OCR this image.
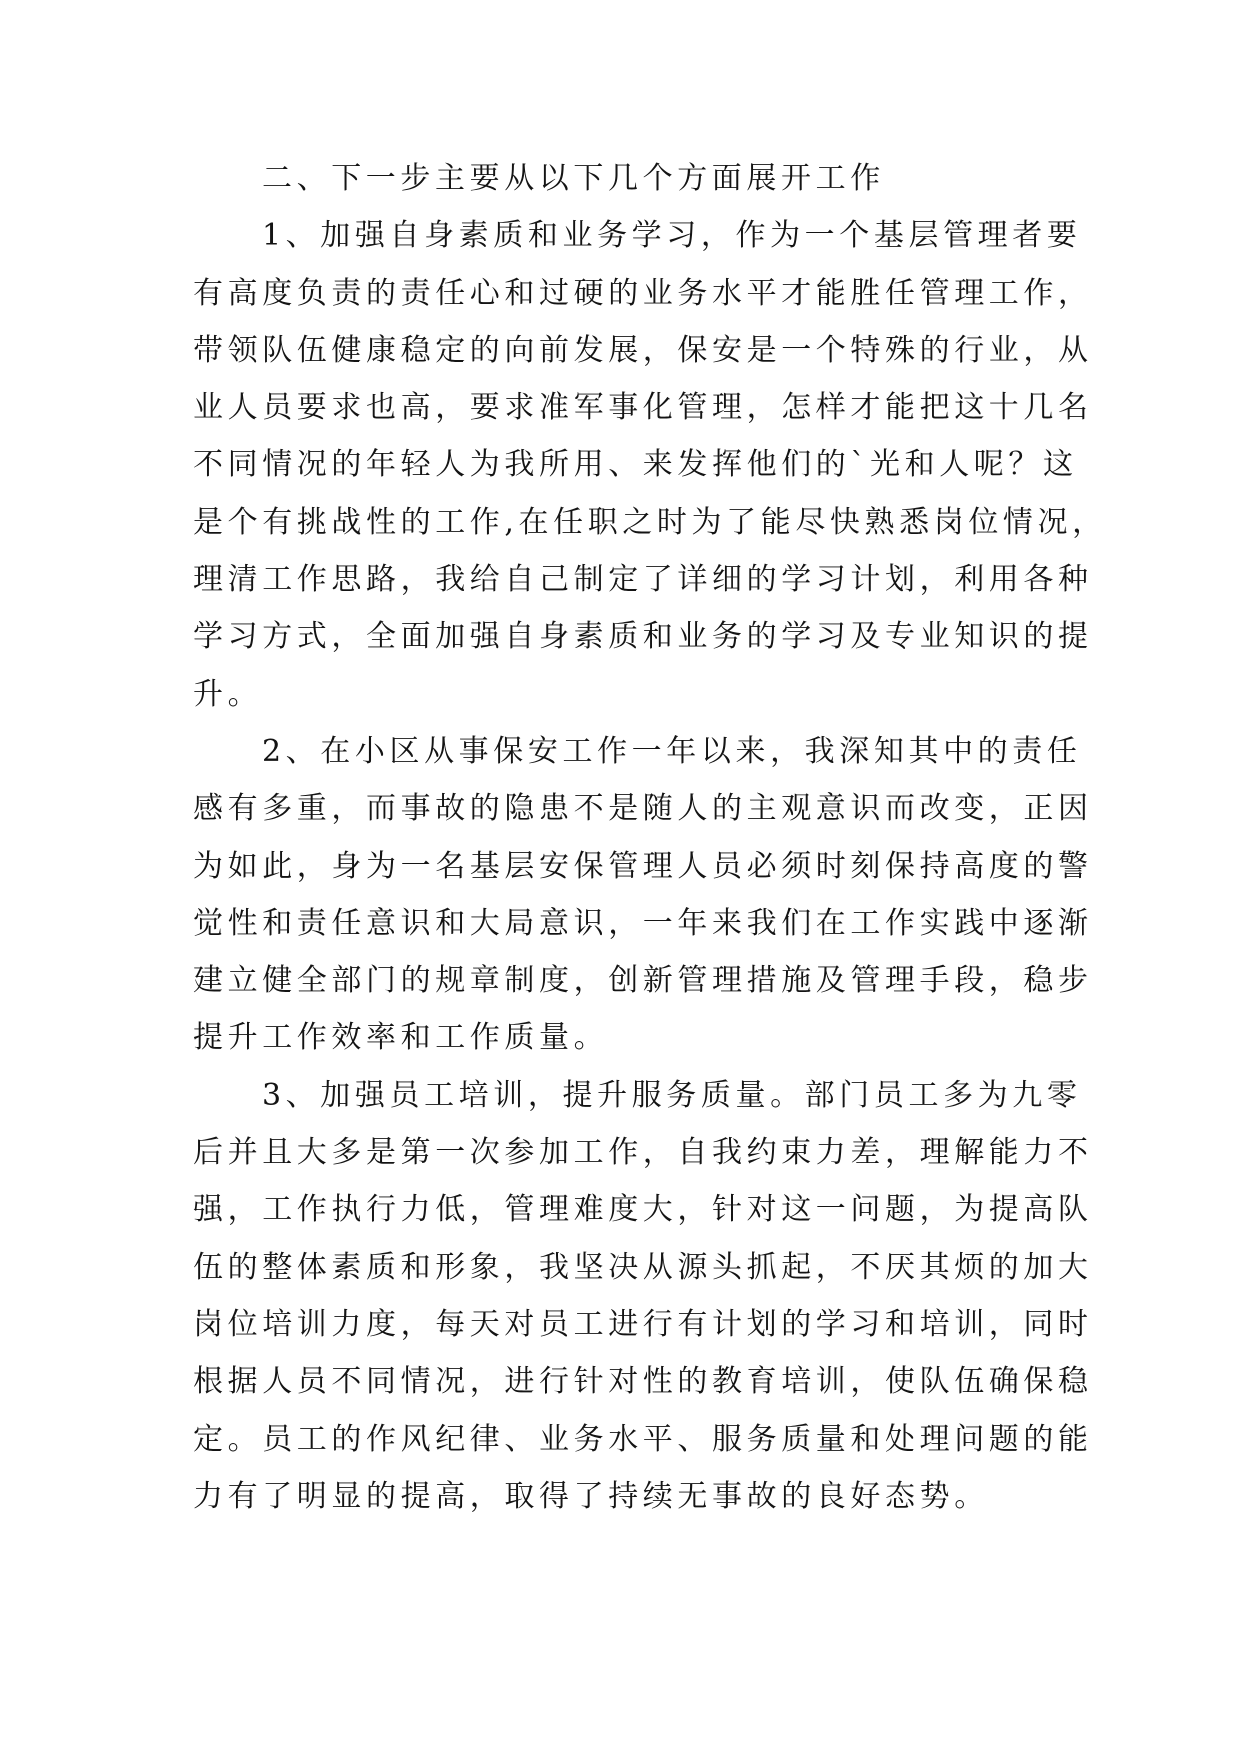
二、下一步主要从以下几个方面展开工作
1、加强自身素质和业务学习，作为一个基层管理者要
有高度负责的责任心和过硬的业务水平才能胜任管理工作，
带领队伍健康稳定的向前发展，保安是一个特殊的行业，从
业人员要求也高，要求准军事化管理，怎样才能把这十几名
不同情况的年轻人为我所用、来发挥他们的`光和人呢？这
是个有挑战性的工作,在任职之时为了能尽快熟悉岗位情况，
理清工作思路，我给自己制定了详细的学习计划，利用各种
学习方式，全面加强自身素质和业务的学习及专业知识的提
升。
2、在小区从事保安工作一年以来，我深知其中的责任
感有多重，而事故的隐患不是随人的主观意识而改变，正因
为如此，身为一名基层安保管理人员必须时刻保持高度的警
觉性和责任意识和大局意识，一年来我们在工作实践中逐渐
建立健全部门的规章制度，创新管理措施及管理手段，稳步
提升工作效率和工作质量。
3、加强员工培训，提升服务质量。部门员工多为九零
后并且大多是第一次参加工作，自我约束力差，理解能力不
强，工作执行力低，管理难度大，针对这一问题，为提高队
伍的整体素质和形象，我坚决从源头抓起，不厌其烦的加大
岗位培训力度，每天对员工进行有计划的学习和培训，同时
根据人员不同情况，进行针对性的教育培训，使队伍确保稳
定。员工的作风纪律、业务水平、服务质量和处理问题的能
力有了明显的提高，取得了持续无事故的良好态势。
